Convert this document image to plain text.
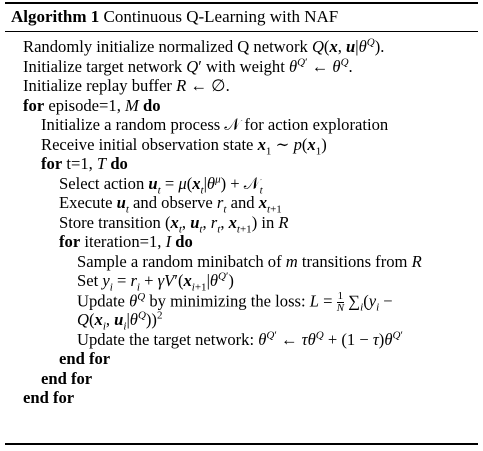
Algorithm 1 Continuous Q-Learning with NAF
Randomly initialize normalized Q network Q(x, $u|\theta^Q$).
Initialize target network Q′ with weight $\theta^{Q'}$ ← $\theta^Q$.
Initialize replay buffer R ← ∅.
for episode=1, M do
Initialize a random process 𝒩 for action exploration
Receive initial observation state $x_1$ ∼ $p(x_1)$
for t=1, T do
Select action $u_t = \mu(x_t|\theta^\mu)$ + 𝒩$_t$
Execute $u_t$ and observe $r_t$ and $x_{t+1}$
Store transition ($x_t$, $u_t$, $r_t$, $x_{t+1}$) in R
for iteration=1, I do
Sample a random minibatch of m transitions from R
Set $y_i = r_i + \gamma V'(x_{i+1}|\theta^{Q'})$
Update $\theta^Q$ by minimizing the loss: $L = \frac{1}{N} \sum_i(y_i$ −
$Q(x_i$, $u_i|\theta^Q))^2$
Update the target network: $\theta^{Q'}$ ← $\tau\theta^Q + (1 - \tau)\theta^{Q'}$
end for
end for
end for
